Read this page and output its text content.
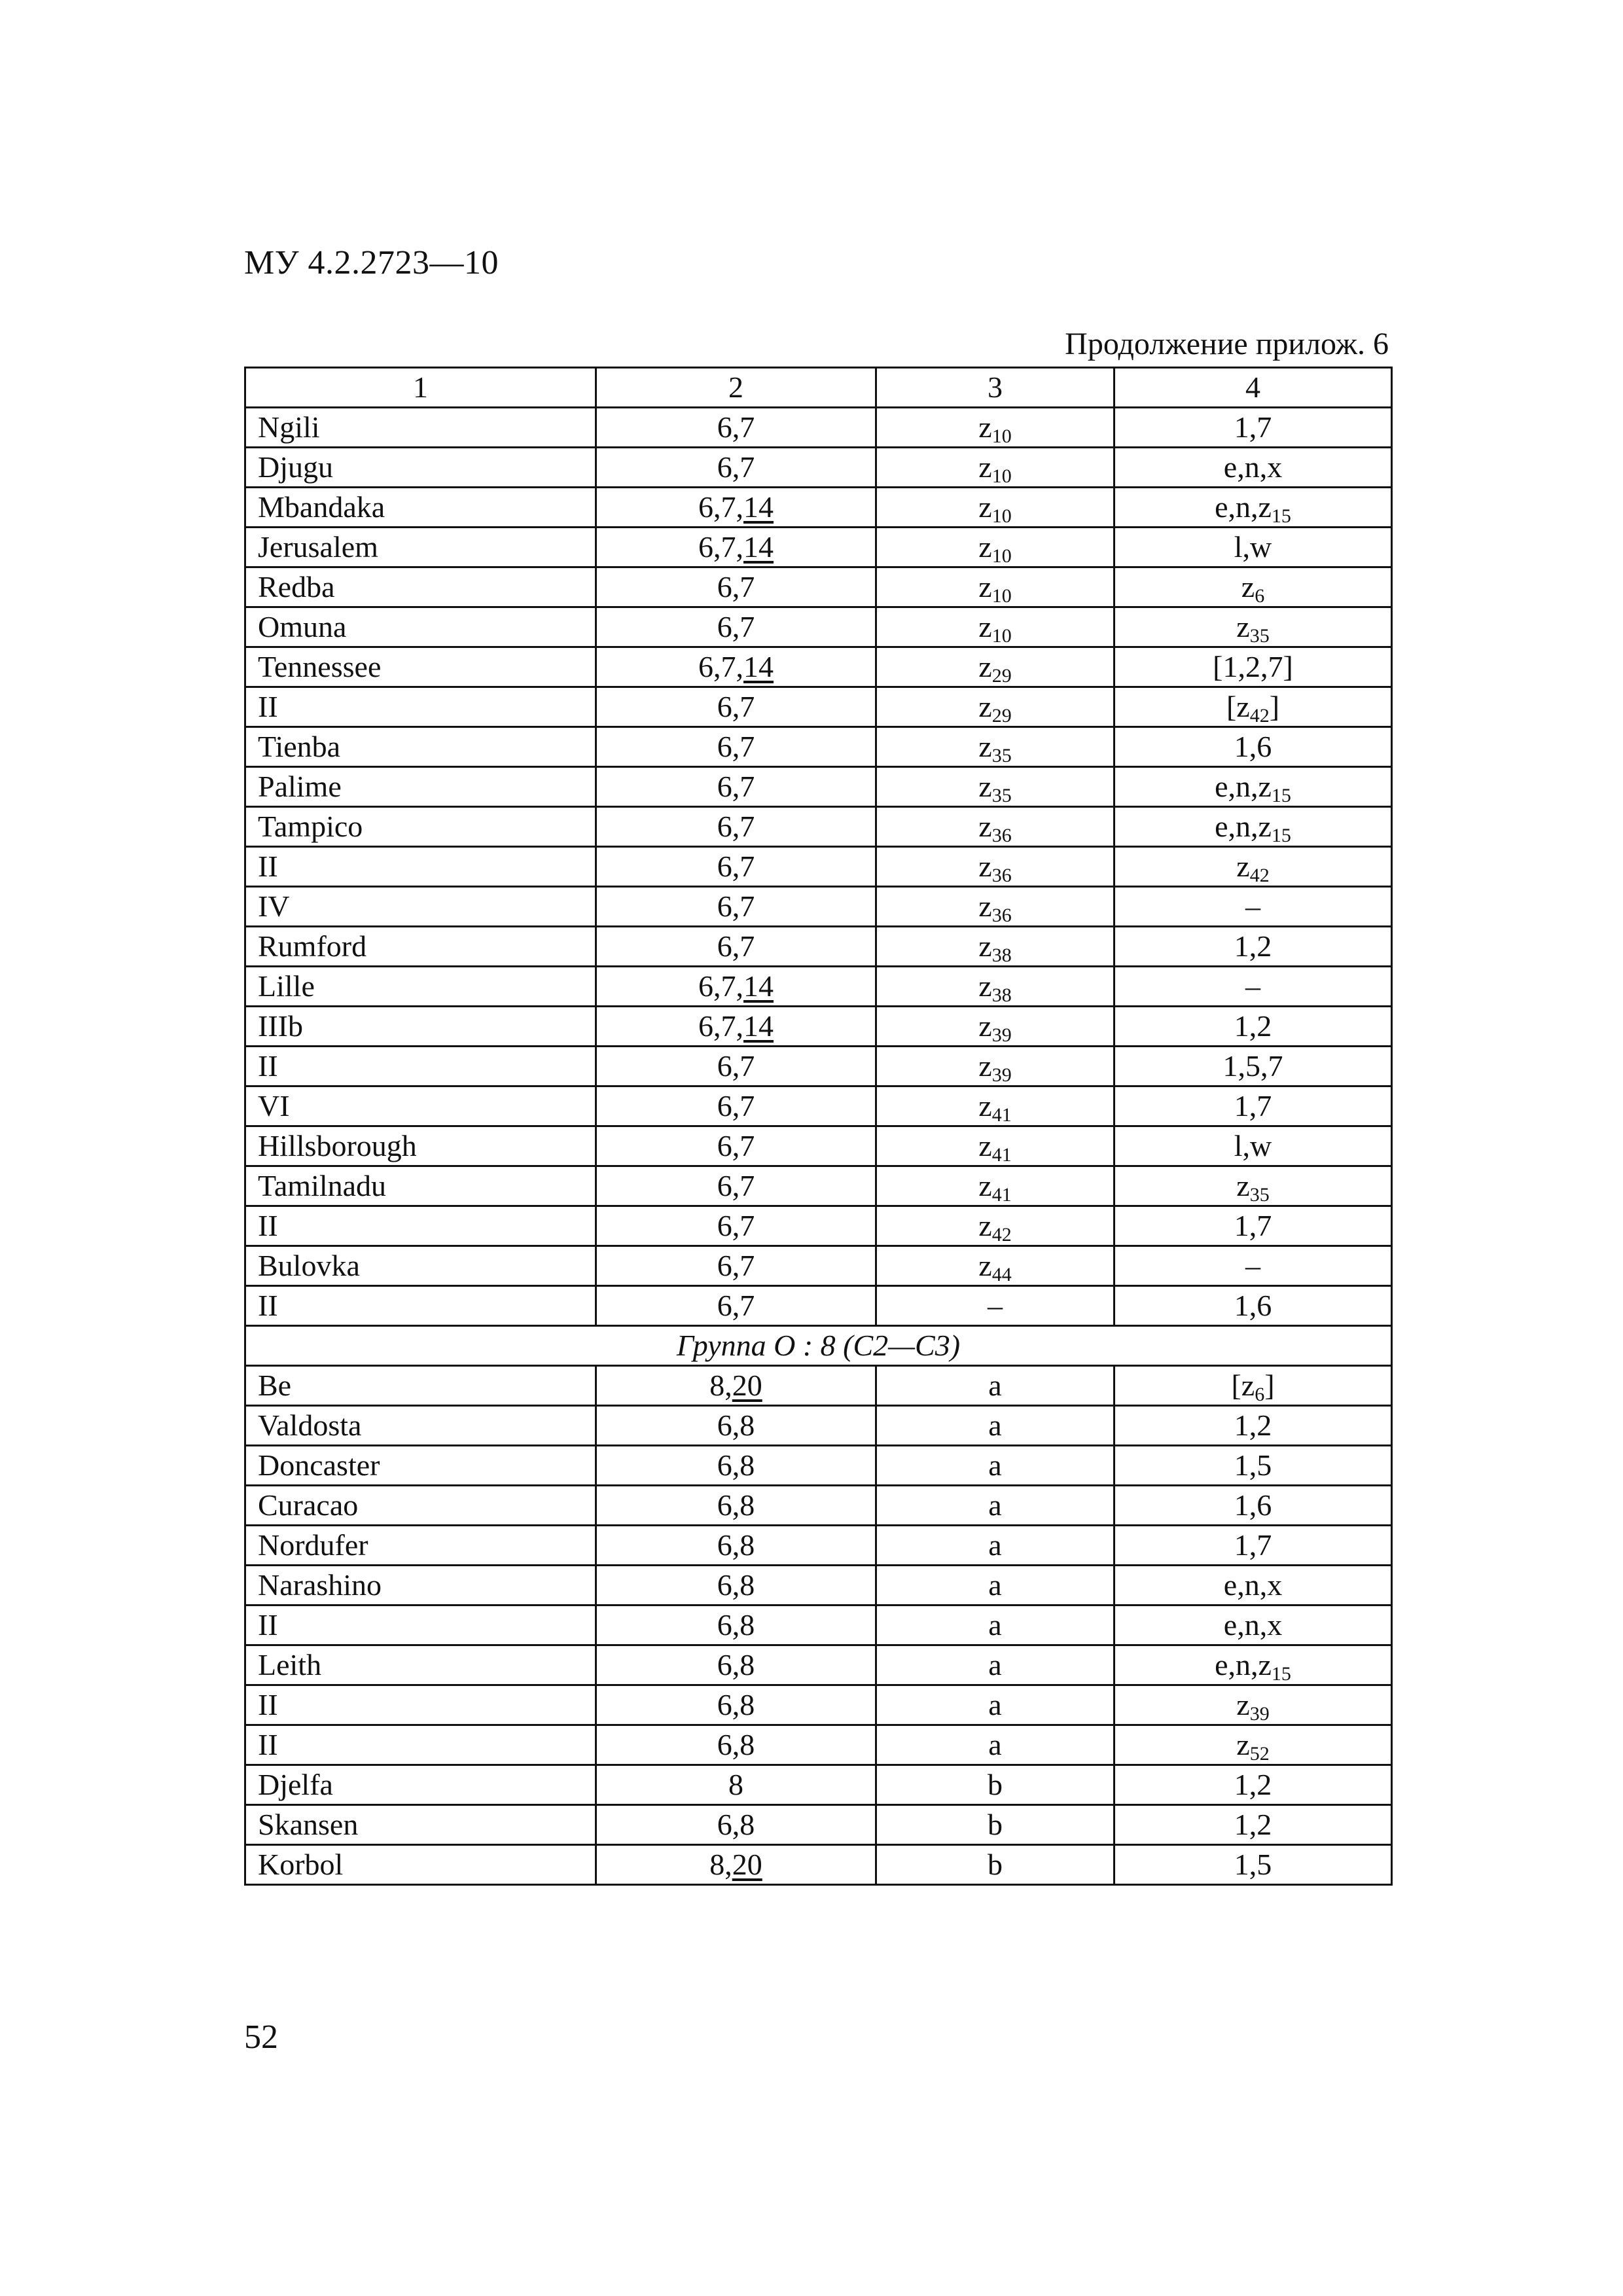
МУ 4.2.2723—10
Продолжение прилож. 6
1	2	3	4
Ngili	6,7	$z_{10}$	1,7
Djugu	6,7	$z_{10}$	e,n,x
Mbandaka	6,7,14	$z_{10}$	$e,n,z_{15}$
Jerusalem	6,7,14	$z_{10}$	l,w
Redba	6,7	$z_{10}$	$z_6$
Omuna	6,7	$z_{10}$	$z_{35}$
Tennessee	6,7,14	$z_{29}$	[1,2,7]
II	6,7	$z_{29}$	$[z_{42}]$
Tienba	6,7	$z_{35}$	1,6
Palime	6,7	$z_{35}$	$e,n,z_{15}$
Tampico	6,7	$z_{36}$	$e,n,z_{15}$
II	6,7	$z_{36}$	$z_{42}$
IV	6,7	$z_{36}$	–
Rumford	6,7	$z_{38}$	1,2
Lille	6,7,14	$z_{38}$	–
IIIb	6,7,14	$z_{39}$	1,2
II	6,7	$z_{39}$	1,5,7
VI	6,7	$z_{41}$	1,7
Hillsborough	6,7	$z_{41}$	l,w
Tamilnadu	6,7	$z_{41}$	$z_{35}$
II	6,7	$z_{42}$	1,7
Bulovka	6,7	$z_{44}$	–
II	6,7	–	1,6
Группа О : 8 (С2—С3)			
Be	8,20	a	$[z_6]$
Valdosta	6,8	a	1,2
Doncaster	6,8	a	1,5
Curacao	6,8	a	1,6
Nordufer	6,8	a	1,7
Narashino	6,8	a	e,n,x
II	6,8	a	e,n,x
Leith	6,8	a	$e,n,z_{15}$
II	6,8	a	$z_{39}$
II	6,8	a	$z_{52}$
Djelfa	8	b	1,2
Skansen	6,8	b	1,2
Korbol	8,20	b	1,5
52
